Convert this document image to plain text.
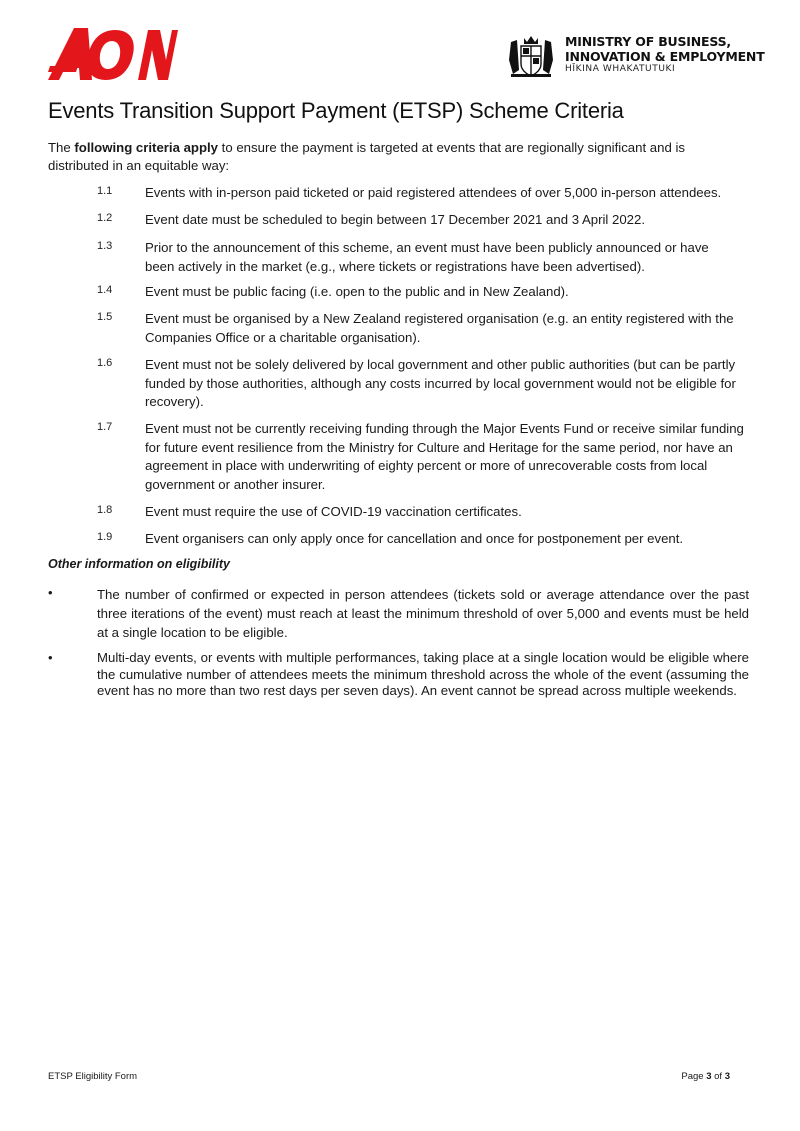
MINISTRY OF BUSINESS,
INNOVATION & EMPLOYMENT
HĪKINA WHAKATUTUKI
Events Transition Support Payment (ETSP) Scheme Criteria

The following criteria apply to ensure the payment is targeted at events that are regionally significant and is distributed in an equitable way:

1.1 Events with in-person paid ticketed or paid registered attendees of over 5,000 in-person attendees.
1.2 Event date must be scheduled to begin between 17 December 2021 and 3 April 2022.
1.3 Prior to the announcement of this scheme, an event must have been publicly announced or have been actively in the market (e.g., where tickets or registrations have been advertised).
1.4 Event must be public facing (i.e. open to the public and in New Zealand).
1.5 Event must be organised by a New Zealand registered organisation (e.g. an entity registered with the Companies Office or a charitable organisation).
1.6 Event must not be solely delivered by local government and other public authorities (but can be partly funded by those authorities, although any costs incurred by local government would not be eligible for recovery).
1.7 Event must not be currently receiving funding through the Major Events Fund or receive similar funding for future event resilience from the Ministry for Culture and Heritage for the same period, nor have an agreement in place with underwriting of eighty percent or more of unrecoverable costs from local government or another insurer.
1.8 Event must require the use of COVID-19 vaccination certificates.
1.9 Event organisers can only apply once for cancellation and once for postponement per event.
Other information on eligibility
•	The number of confirmed or expected in person attendees (tickets sold or average attendance over the past three iterations of the event) must reach at least the minimum threshold of over 5,000 and events must be held at a single location to be eligible.
•	Multi-day events, or events with multiple performances, taking place at a single location would be eligible where the cumulative number of attendees meets the minimum threshold across the whole of the event (assuming the event has no more than two rest days per seven days). An event cannot be spread across multiple weekends.
ETSP Eligibility Form	Page 3 of 3
